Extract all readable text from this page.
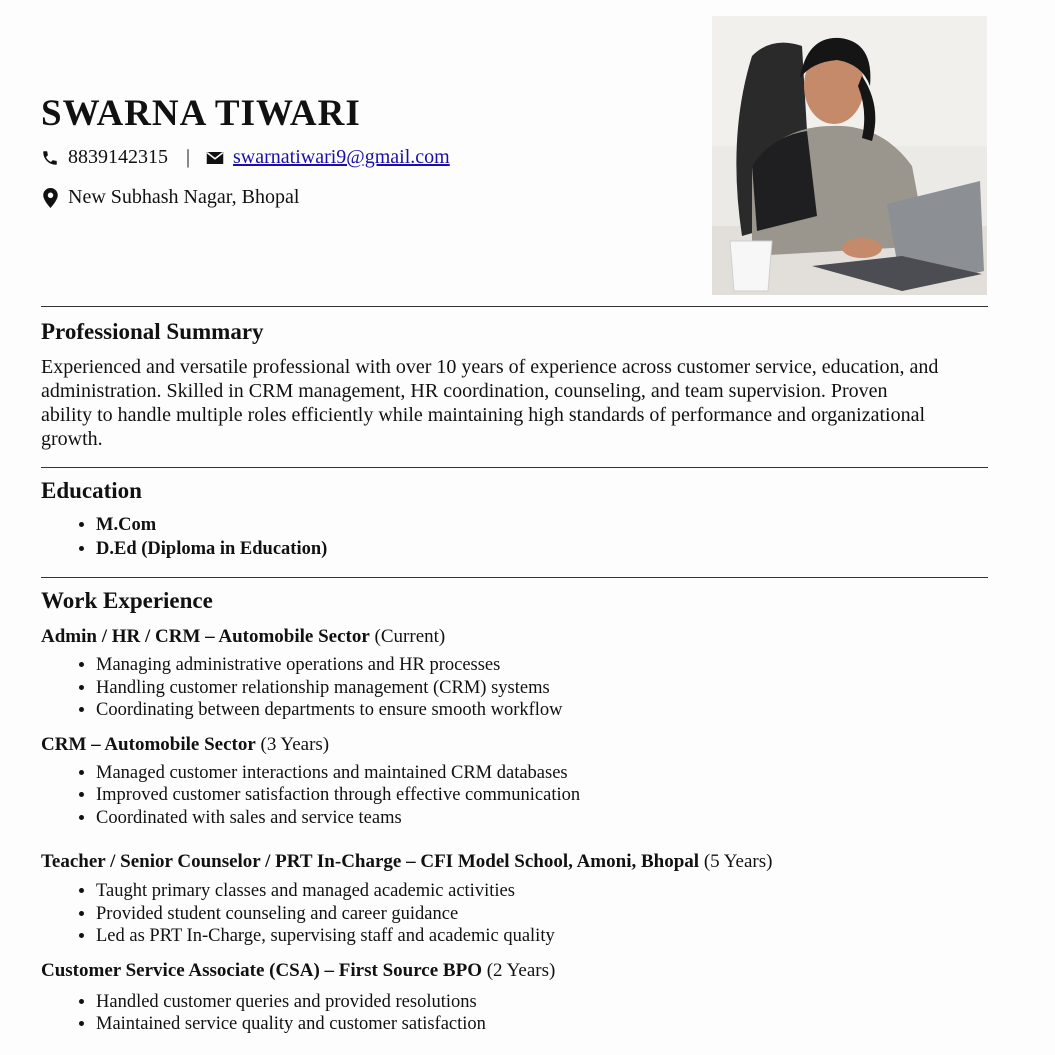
SWARNA TIWARI
8839142315 | swarnatiwari9@gmail.com
New Subhash Nagar, Bhopal
Professional Summary

Experienced and versatile professional with over 10 years of experience across customer service, education, and administration. Skilled in CRM management, HR coordination, counseling, and team supervision. Proven ability to handle multiple roles efficiently while maintaining high standards of performance and organizational growth.

Education
• M.Com
• D.Ed (Diploma in Education)
Work Experience

Admin / HR / CRM – Automobile Sector (Current)

• Managing administrative operations and HR processes
• Handling customer relationship management (CRM) systems
• Coordinating between departments to ensure smooth workflow

CRM – Automobile Sector (3 Years)

• Managed customer interactions and maintained CRM databases
• Improved customer satisfaction through effective communication
• Coordinated with sales and service teams

Teacher / Senior Counselor / PRT In-Charge – CFI Model School, Amoni, Bhopal (5 Years)

• Taught primary classes and managed academic activities
• Provided student counseling and career guidance
• Led as PRT In-Charge, supervising staff and academic quality

Customer Service Associate (CSA) – First Source BPO (2 Years)

• Handled customer queries and provided resolutions
• Maintained service quality and customer satisfaction
